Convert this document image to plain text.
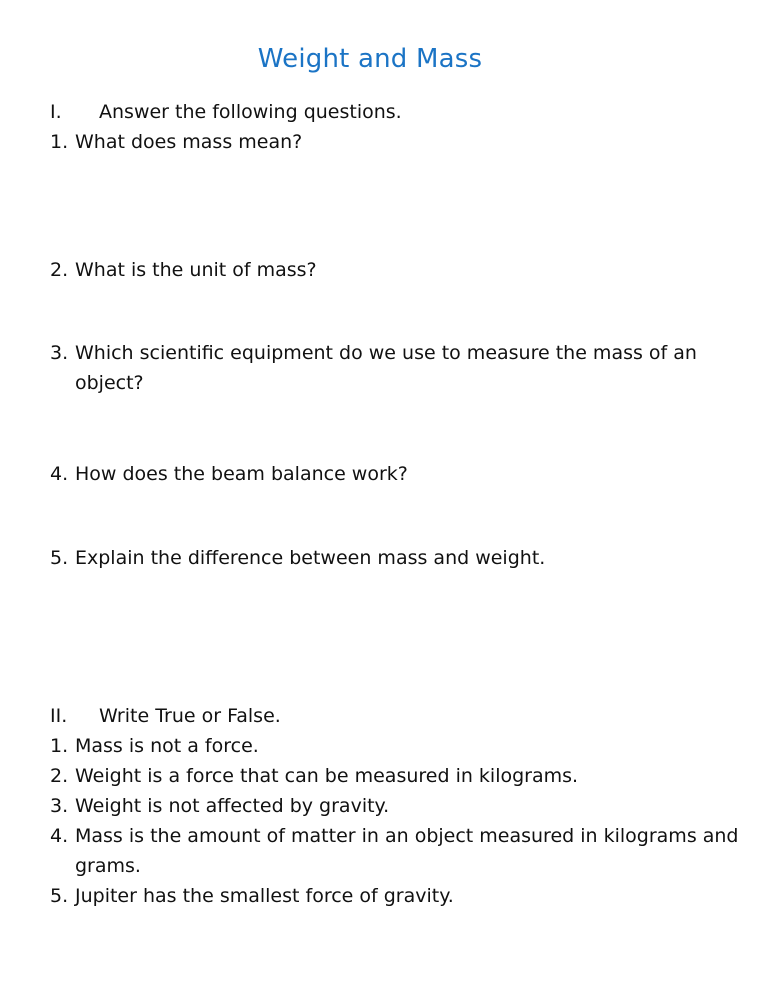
Weight and Mass
I. Answer the following questions.
1. What does mass mean?
2. What is the unit of mass?
3. Which scientific equipment do we use to measure the mass of an
object?
4. How does the beam balance work?
5. Explain the difference between mass and weight.
II. Write True or False.
1. Mass is not a force.
2. Weight is a force that can be measured in kilograms.
3. Weight is not affected by gravity.
4. Mass is the amount of matter in an object measured in kilograms and
grams.
5. Jupiter has the smallest force of gravity.
